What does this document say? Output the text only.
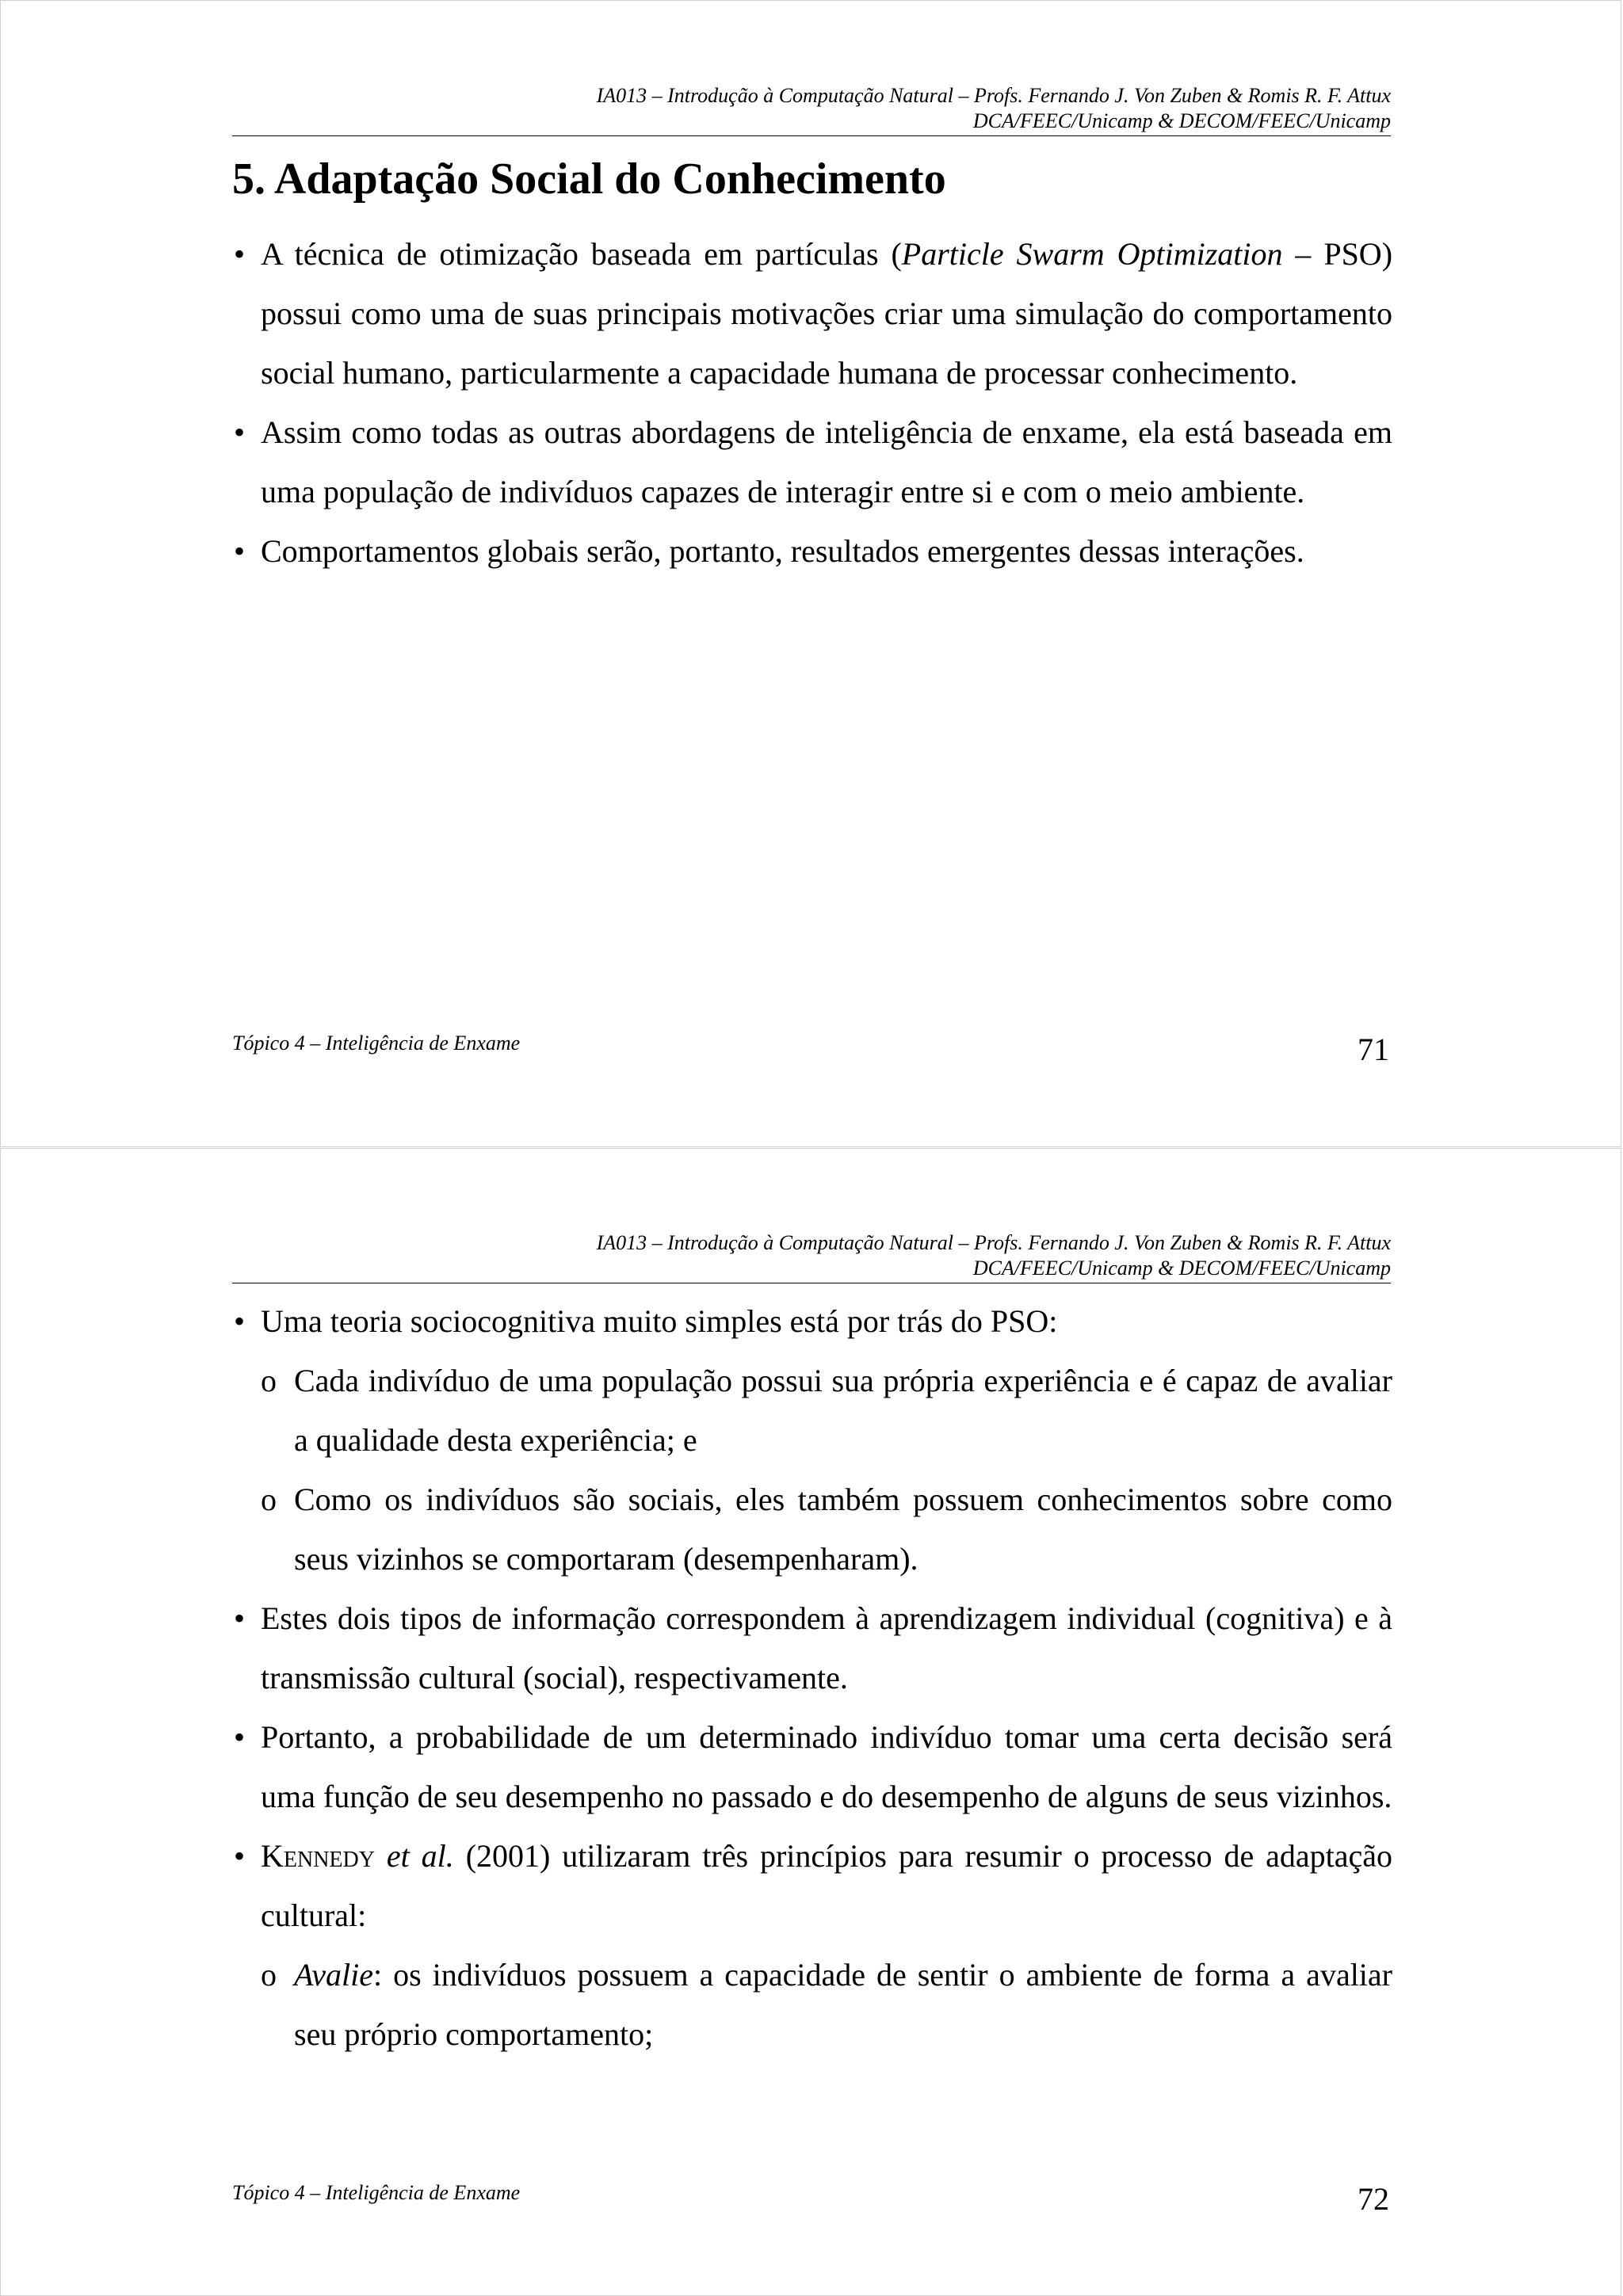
IA013 – Introdução à Computação Natural – Profs. Fernando J. Von Zuben & Romis R. F. Attux
DCA/FEEC/Unicamp & DECOM/FEEC/Unicamp
5. Adaptação Social do Conhecimento
• A técnica de otimização baseada em partículas (Particle Swarm Optimization – PSO) possui como uma de suas principais motivações criar uma simulação do comportamento social humano, particularmente a capacidade humana de processar conhecimento.
• Assim como todas as outras abordagens de inteligência de enxame, ela está baseada em uma população de indivíduos capazes de interagir entre si e com o meio ambiente.
• Comportamentos globais serão, portanto, resultados emergentes dessas interações.
Tópico 4 – Inteligência de Enxame	71
IA013 – Introdução à Computação Natural – Profs. Fernando J. Von Zuben & Romis R. F. Attux
DCA/FEEC/Unicamp & DECOM/FEEC/Unicamp
• Uma teoria sociocognitiva muito simples está por trás do PSO:
o Cada indivíduo de uma população possui sua própria experiência e é capaz de avaliar a qualidade desta experiência; e
o Como os indivíduos são sociais, eles também possuem conhecimentos sobre como seus vizinhos se comportaram (desempenharam).
• Estes dois tipos de informação correspondem à aprendizagem individual (cognitiva) e à transmissão cultural (social), respectivamente.
• Portanto, a probabilidade de um determinado indivíduo tomar uma certa decisão será uma função de seu desempenho no passado e do desempenho de alguns de seus vizinhos.
• Kennedy et al. (2001) utilizaram três princípios para resumir o processo de adaptação cultural:
o Avalie: os indivíduos possuem a capacidade de sentir o ambiente de forma a avaliar seu próprio comportamento;
Tópico 4 – Inteligência de Enxame	72
